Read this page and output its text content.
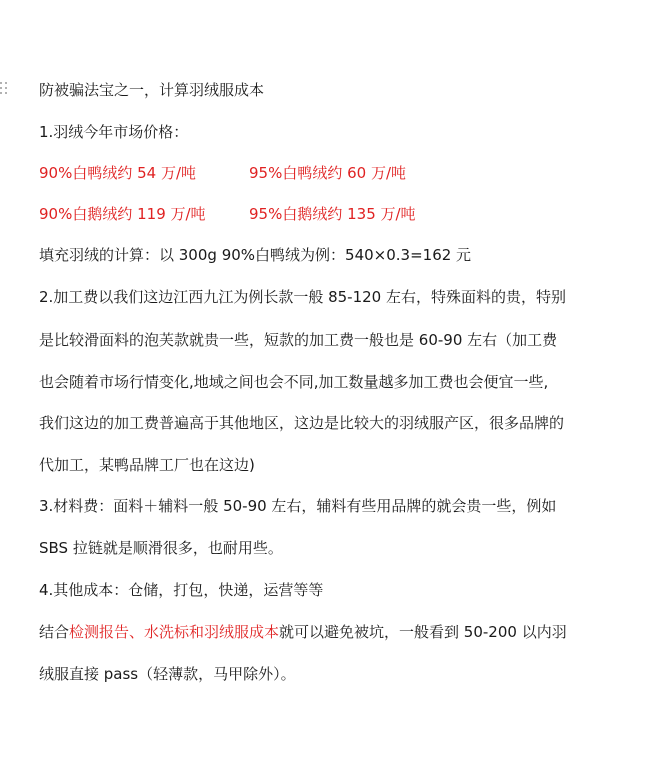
防被骗法宝之一，计算羽绒服成本
1.羽绒今年市场价格：
90%白鸭绒约 54 万/吨	95%白鸭绒约 60 万/吨
90%白鹅绒约 119 万/吨	95%白鹅绒约 135 万/吨
填充羽绒的计算：以 300g 90%白鸭绒为例：540×0.3=162 元
2.加工费以我们这边江西九江为例长款一般 85-120 左右，特殊面料的贵，特别
是比较滑面料的泡芙款就贵一些，短款的加工费一般也是 60-90 左右（加工费
也会随着市场行情变化,地域之间也会不同,加工数量越多加工费也会便宜一些,
我们这边的加工费普遍高于其他地区，这边是比较大的羽绒服产区，很多品牌的
代加工，某鸭品牌工厂也在这边)
3.材料费：面料＋辅料一般 50-90 左右，辅料有些用品牌的就会贵一些，例如
SBS 拉链就是顺滑很多，也耐用些。
4.其他成本：仓储，打包，快递，运营等等
结合检测报告、水洗标和羽绒服成本就可以避免被坑，一般看到 50-200 以内羽
绒服直接 pass（轻薄款，马甲除外）。
